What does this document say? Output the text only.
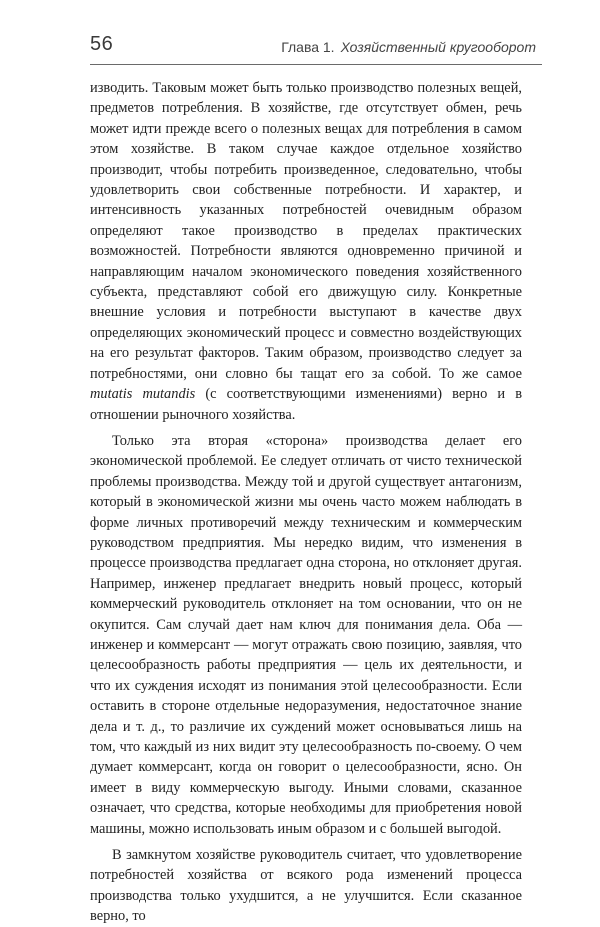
56	Глава 1. Хозяйственный кругооборот

изводить. Таковым может быть только производство полезных вещей, предметов потребления. В хозяйстве, где отсутствует обмен, речь может идти прежде всего о полезных вещах для потребления в самом этом хозяйстве. В таком случае каждое отдельное хозяйство производит, чтобы потребить произведенное, следовательно, чтобы удовлетворить свои собственные потребности. И характер, и интенсивность указанных потребностей очевидным образом определяют такое производство в пределах практических возможностей. Потребности являются одновременно причиной и направляющим началом экономического поведения хозяйственного субъекта, представляют собой его движущую силу. Конкретные внешние условия и потребности выступают в качестве двух определяющих экономический процесс и совместно воздействующих на его результат факторов. Таким образом, производство следует за потребностями, они словно бы тащат его за собой. То же самое mutatis mutandis (с соответствующими изменениями) верно и в отношении рыночного хозяйства.

Только эта вторая «сторона» производства делает его экономической проблемой. Ее следует отличать от чисто технической проблемы производства. Между той и другой существует антагонизм, который в экономической жизни мы очень часто можем наблюдать в форме личных противоречий между техническим и коммерческим руководством предприятия. Мы нередко видим, что изменения в процессе производства предлагает одна сторона, но отклоняет другая. Например, инженер предлагает внедрить новый процесс, который коммерческий руководитель отклоняет на том основании, что он не окупится. Сам случай дает нам ключ для понимания дела. Оба — инженер и коммерсант — могут отражать свою позицию, заявляя, что целесообразность работы предприятия — цель их деятельности, и что их суждения исходят из понимания этой целесообразности. Если оставить в стороне отдельные недоразумения, недостаточное знание дела и т. д., то различие их суждений может основываться лишь на том, что каждый из них видит эту целесообразность по-своему. О чем думает коммерсант, когда он говорит о целесообразности, ясно. Он имеет в виду коммерческую выгоду. Иными словами, сказанное означает, что средства, которые необходимы для приобретения новой машины, можно использовать иным образом и с большей выгодой.

В замкнутом хозяйстве руководитель считает, что удовлетворение потребностей хозяйства от всякого рода изменений процесса производства только ухудшится, а не улучшится. Если сказанное верно, то
